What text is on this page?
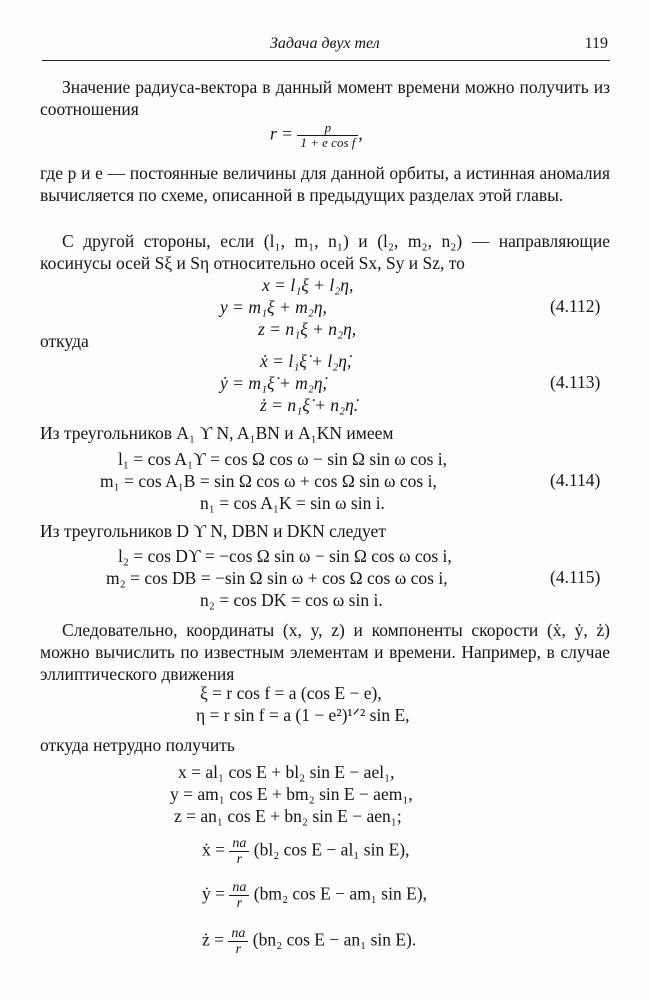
Задача двух тел	119
Значение радиуса-вектора в данный момент времени можно получить из соотношения
$r = \frac{p}{\text{1 + e cos f}}$ ,
где p и e — постоянные величины для данной орбиты, а истинная аномалия вычисляется по схеме, описанной в предыдущих разделах этой главы.
С другой стороны, если (l₁, m₁, n₁) и (l₂, m₂, n₂) — направляющие косинусы осей Sξ и Sη относительно осей Sx, Sy и Sz, то
x = l₁ξ + l₂η,
y = m₁ξ + m₂η,
z = n₁ξ + n₂η,
(4.112)
откуда
ẋ = l₁ξ̇ + l₂η̇,
ẏ = m₁ξ̇ + m₂η̇,
ż = n₁ξ̇ + n₂η̇.
(4.113)
Из треугольников A₁ ϒ N, A₁BN и A₁KN имеем
l₁ = cos A₁ϒ = cos Ω cos ω − sin Ω sin ω cos i,
m₁ = cos A₁B = sin Ω cos ω + cos Ω sin ω cos i,
n₁ = cos A₁K = sin ω sin i.
(4.114)
Из треугольников D ϒ N, DBN и DKN следует
l₂ = cos Dϒ = −cos Ω sin ω − sin Ω cos ω cos i,
m₂ = cos DB = −sin Ω sin ω + cos Ω cos ω cos i,
n₂ = cos DK = cos ω sin i.
(4.115)
Следовательно, координаты (x, y, z) и компоненты скорости (ẋ, ẏ, ż) можно вычислить по известным элементам и времени. Например, в случае эллиптического движения
ξ = r cos f = a (cos E − e),
η = r sin f = a (1 − e²)¹ᐟ² sin E,
откуда нетрудно получить
x = al₁ cos E + bl₂ sin E − ael₁,
y = am₁ cos E + bm₂ sin E − aem₁,
z = an₁ cos E + bn₂ sin E − aen₁;
ẋ = $\frac{na}{r} (bl_2$ cos E − al₁ sin E),
ẏ = $\frac{na}{r} (bm_2$ cos E − am₁ sin E),
ż = $\frac{na}{r} (bn_2$ cos E − an₁ sin E).
